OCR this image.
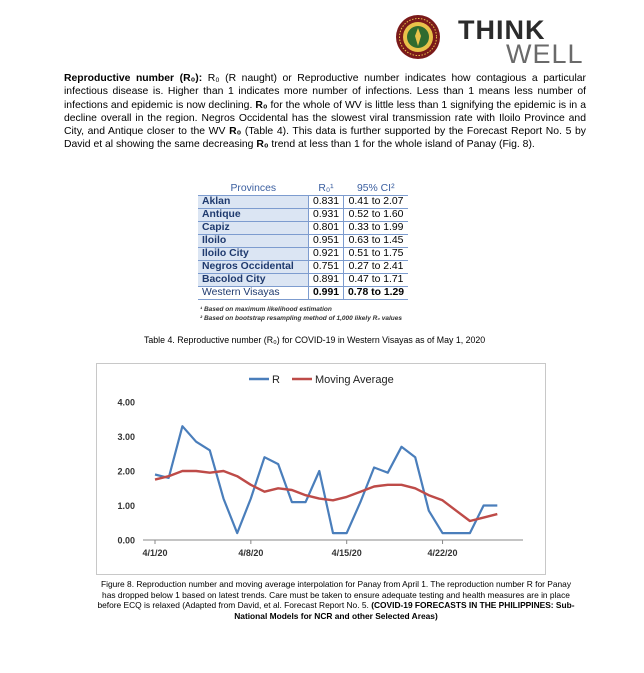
THINK
WELL
Reproductive number (R₀): R₀ (R naught) or Reproductive number indicates how contagious a particular infectious disease is. Higher than 1 indicates more number of infections. Less than 1 means less number of infections and epidemic is now declining. R₀ for the whole of WV is little less than 1 signifying the epidemic is in a decline overall in the region. Negros Occidental has the slowest viral transmission rate with Iloilo Province and City, and Antique closer to the WV R₀ (Table 4). This data is further supported by the Forecast Report No. 5 by David et al showing the same decreasing R₀ trend at less than 1 for the whole island of Panay (Fig. 8).
Provinces	R₀¹	95% CI²
Aklan	0.831	0.41 to 2.07
Antique	0.931	0.52 to 1.60
Capiz	0.801	0.33 to 1.99
Iloilo	0.951	0.63 to 1.45
Iloilo City	0.921	0.51 to 1.75
Negros Occidental	0.751	0.27 to 2.41
Bacolod City	0.891	0.47 to 1.71
Western Visayas	0.991	0.78 to 1.29
¹ Based on maximum likelihood estimation
² Based on bootstrap resampling method of 1,000 likely R₀ values
Table 4. Reproductive number (R₀) for COVID-19 in Western Visayas as of May 1, 2020
0.00
1.00
2.00
3.00
4.00
4/1/20	4/8/20	4/15/20	4/22/20
R	Moving Average
Figure 8. Reproduction number and moving average interpolation for Panay from April 1. The reproduction number R for Panay has dropped below 1 based on latest trends. Care must be taken to ensure adequate testing and health measures are in place before ECQ is relaxed (Adapted from David, et al. Forecast Report No. 5. (COVID-19 FORECASTS IN THE PHILIPPINES: Sub-National Models for NCR and other Selected Areas)
